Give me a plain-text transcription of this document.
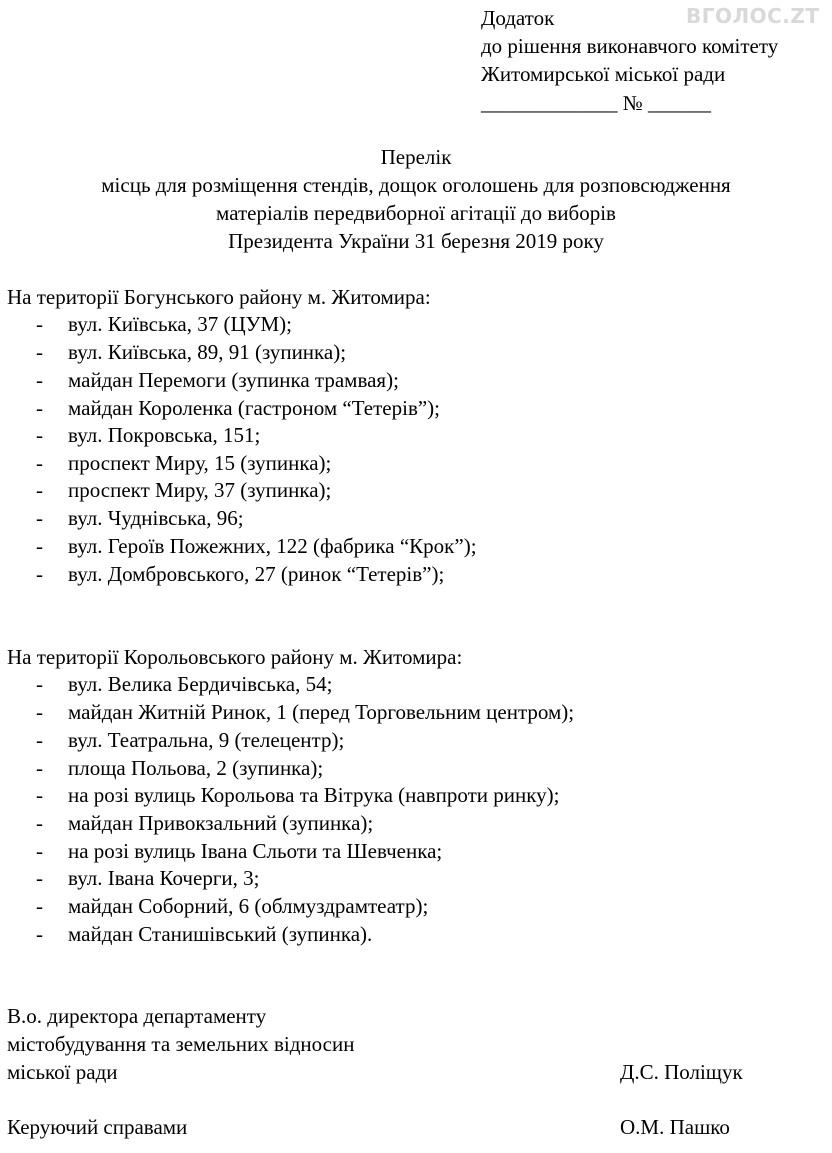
ВГОЛОС.ZT
Додаток
до рішення виконавчого комітету
Житомирської міської ради
_____________ № ______
Перелік
місць для розміщення стендів, дощок оголошень для розповсюдження
матеріалів передвиборної агітації до виборів
Президента України 31 березня 2019 року
На території Богунського району м. Житомира:
- вул. Київська, 37 (ЦУМ);
- вул. Київська, 89, 91 (зупинка);
- майдан Перемоги (зупинка трамвая);
- майдан Короленка (гастроном “Тетерів”);
- вул. Покровська, 151;
- проспект Миру, 15 (зупинка);
- проспект Миру, 37 (зупинка);
- вул. Чуднівська, 96;
- вул. Героїв Пожежних, 122 (фабрика “Крок”);
- вул. Домбровського, 27 (ринок “Тетерів”);
На території Корольовського району м. Житомира:
- вул. Велика Бердичівська, 54;
- майдан Житній Ринок, 1 (перед Торговельним центром);
- вул. Театральна, 9 (телецентр);
- площа Польова, 2 (зупинка);
- на розі вулиць Корольова та Вітрука (навпроти ринку);
- майдан Привокзальний (зупинка);
- на розі вулиць Івана Сльоти та Шевченка;
- вул. Івана Кочерги, 3;
- майдан Соборний, 6 (облмуздрамтеатр);
- майдан Станишівський (зупинка).
В.о. директора департаменту
містобудування та земельних відносин
міської ради	Д.С. Поліщук
Керуючий справами	О.М. Пашко
